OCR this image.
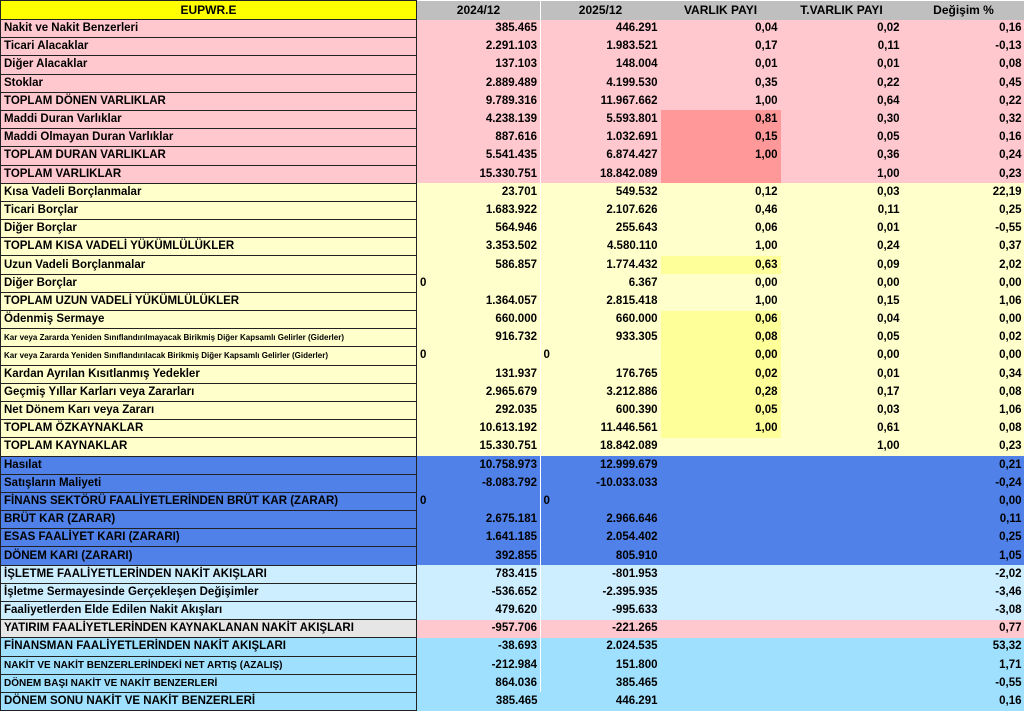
EUPWR.E	2024/12	2025/12	VARLIK PAYI	T.VARLIK PAYI	Değişim %
Nakit ve Nakit Benzerleri	385.465	446.291	0,04	0,02	0,16
Ticari Alacaklar	2.291.103	1.983.521	0,17	0,11	-0,13
Diğer Alacaklar	137.103	148.004	0,01	0,01	0,08
Stoklar	2.889.489	4.199.530	0,35	0,22	0,45
TOPLAM DÖNEN VARLIKLAR	9.789.316	11.967.662	1,00	0,64	0,22
Maddi Duran Varlıklar	4.238.139	5.593.801	0,81	0,30	0,32
Maddi Olmayan Duran Varlıklar	887.616	1.032.691	0,15	0,05	0,16
TOPLAM DURAN VARLIKLAR	5.541.435	6.874.427	1,00	0,36	0,24
TOPLAM VARLIKLAR	15.330.751	18.842.089		1,00	0,23
Kısa Vadeli Borçlanmalar	23.701	549.532	0,12	0,03	22,19
Ticari Borçlar	1.683.922	2.107.626	0,46	0,11	0,25
Diğer Borçlar	564.946	255.643	0,06	0,01	-0,55
TOPLAM KISA VADELİ YÜKÜMLÜLÜKLER	3.353.502	4.580.110	1,00	0,24	0,37
Uzun Vadeli Borçlanmalar	586.857	1.774.432	0,63	0,09	2,02
Diğer Borçlar	0	6.367	0,00	0,00	0,00
TOPLAM UZUN VADELİ YÜKÜMLÜLÜKLER	1.364.057	2.815.418	1,00	0,15	1,06
Ödenmiş Sermaye	660.000	660.000	0,06	0,04	0,00
Kar veya Zararda Yeniden Sınıflandırılmayacak Birikmiş Diğer Kapsamlı Gelirler (Giderler)	916.732	933.305	0,08	0,05	0,02
Kar veya Zararda Yeniden Sınıflandırılacak Birikmiş Diğer Kapsamlı Gelirler (Giderler)	0	0	0,00	0,00	0,00
Kardan Ayrılan Kısıtlanmış Yedekler	131.937	176.765	0,02	0,01	0,34
Geçmiş Yıllar Karları veya Zararları	2.965.679	3.212.886	0,28	0,17	0,08
Net Dönem Karı veya Zararı	292.035	600.390	0,05	0,03	1,06
TOPLAM ÖZKAYNAKLAR	10.613.192	11.446.561	1,00	0,61	0,08
TOPLAM KAYNAKLAR	15.330.751	18.842.089		1,00	0,23
Hasılat	10.758.973	12.999.679			0,21
Satışların Maliyeti	-8.083.792	-10.033.033			-0,24
FİNANS SEKTÖRÜ FAALİYETLERİNDEN BRÜT KAR (ZARAR)	0	0			0,00
BRÜT KAR (ZARAR)	2.675.181	2.966.646			0,11
ESAS FAALİYET KARI (ZARARI)	1.641.185	2.054.402			0,25
DÖNEM KARI (ZARARI)	392.855	805.910			1,05
İŞLETME FAALİYETLERİNDEN NAKİT AKIŞLARI	783.415	-801.953			-2,02
İşletme Sermayesinde Gerçekleşen Değişimler	-536.652	-2.395.935			-3,46
Faaliyetlerden Elde Edilen Nakit Akışları	479.620	-995.633			-3,08
YATIRIM FAALİYETLERİNDEN KAYNAKLANAN NAKİT AKIŞLARI	-957.706	-221.265			0,77
FİNANSMAN FAALİYETLERİNDEN NAKİT AKIŞLARI	-38.693	2.024.535			53,32
NAKİT VE NAKİT BENZERLERİNDEKİ NET ARTIŞ (AZALIŞ)	-212.984	151.800			1,71
DÖNEM BAŞI NAKİT VE NAKİT BENZERLERİ	864.036	385.465			-0,55
DÖNEM SONU NAKİT VE NAKİT BENZERLERİ	385.465	446.291			0,16
